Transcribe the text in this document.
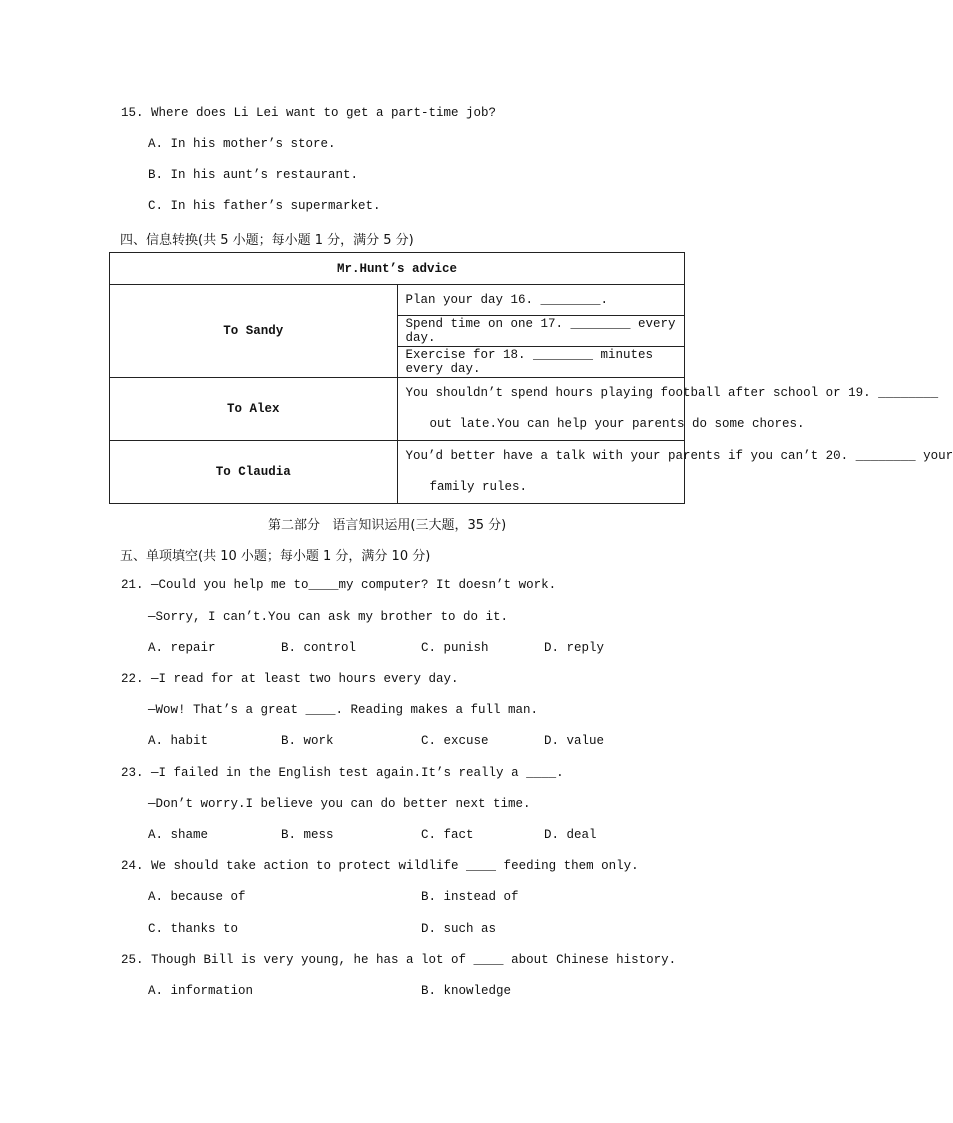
15. Where does Li Lei want to get a part-time job?
A. In his mother’s store.
B. In his aunt’s restaurant.
C. In his father’s supermarket.
四、信息转换(共 5 小题；每小题 1 分，满分 5 分)
Mr.Hunt’s advice	
To Sandy	Plan your day 16. ________.
	Spend time on one 17. ________ every day.
	Exercise for 18. ________ minutes every day.
To Alex	You shouldn’t spend hours playing football after school or 19. ________
out late.You can help your parents do some chores.

To Claudia	You’d better have a talk with your parents if you can’t 20. ________ your
family rules.
第二部分   语言知识运用(三大题，35 分)
五、单项填空(共 10 小题；每小题 1 分，满分 10 分)
21. —Could you help me to____my computer? It doesn’t work.
—Sorry, I can’t.You can ask my brother to do it.
A. repair	B. control	C. punish	D. reply
22. —I read for at least two hours every day.
—Wow! That’s a great ____. Reading makes a full man.
A. habit	B. work	C. excuse	D. value
23. —I failed in the English test again.It’s really a ____.
—Don’t worry.I believe you can do better next time.
A. shame	B. mess	C. fact	D. deal
24. We should take action to protect wildlife ____ feeding them only.
A. because of	B. instead of
C. thanks to	D. such as
25. Though Bill is very young, he has a lot of ____ about Chinese history.
A. information	B. knowledge
